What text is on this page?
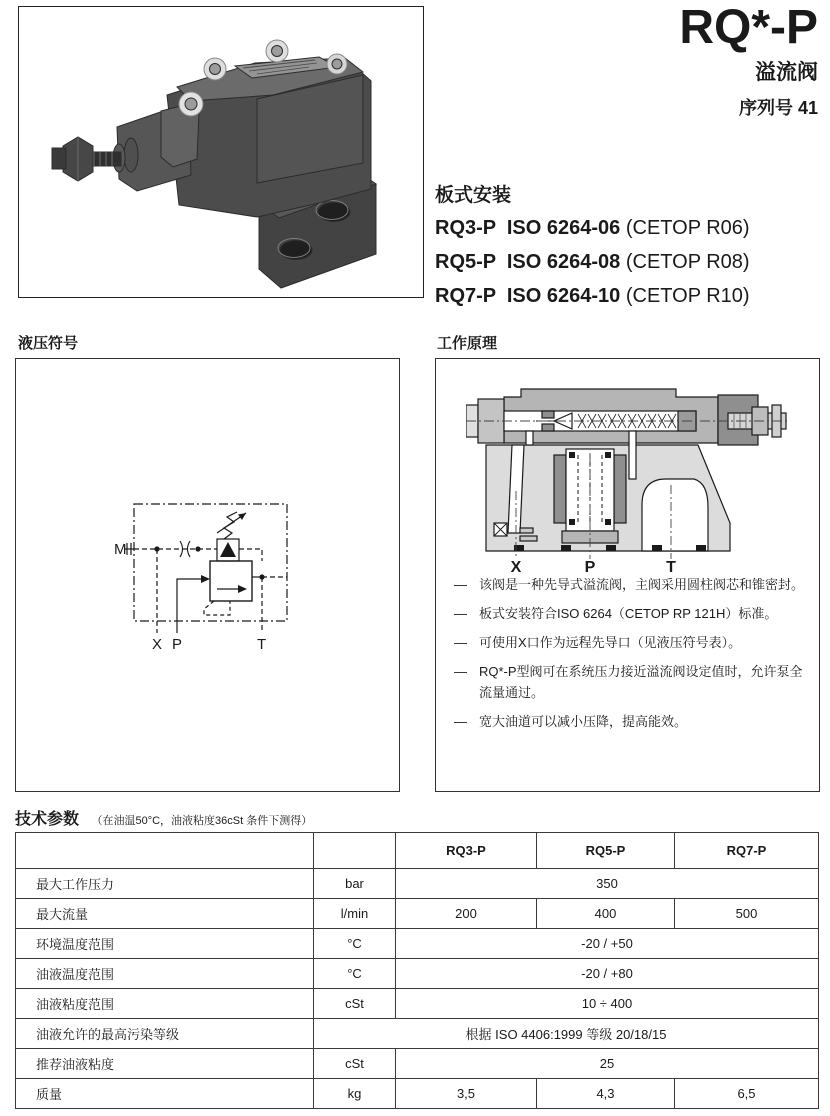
RQ*-P
溢流阀
序列号 41
板式安装
RQ3-P  ISO 6264-06 (CETOP R06)
RQ5-P  ISO 6264-08 (CETOP R08)
RQ7-P  ISO 6264-10 (CETOP R10)
液压符号
M
X P	T
工作原理
X	P	T
— 该阀是一种先导式溢流阀，主阀采用圆柱阀芯和锥密封。
— 板式安装符合ISO 6264（CETOP RP 121H）标准。
— 可使用X口作为远程先导口（见液压符号表）。
— RQ*-P型阀可在系统压力接近溢流阀设定值时，允许泵全流量通过。
— 宽大油道可以减小压降，提高能效。
技术参数 （在油温50°C，油液粘度36cSt 条件下测得）
		RQ3-P	RQ5-P	RQ7-P
最大工作压力	bar	350		
最大流量	l/min	200	400	500
环境温度范围	°C	-20 / +50		
油液温度范围	°C	-20 / +80		
油液粘度范围	cSt	10 ÷ 400		
油液允许的最高污染等级	根据 ISO 4406:1999 等级 20/18/15			
推荐油液粘度	cSt	25		
质量	kg	3,5	4,3	6,5
